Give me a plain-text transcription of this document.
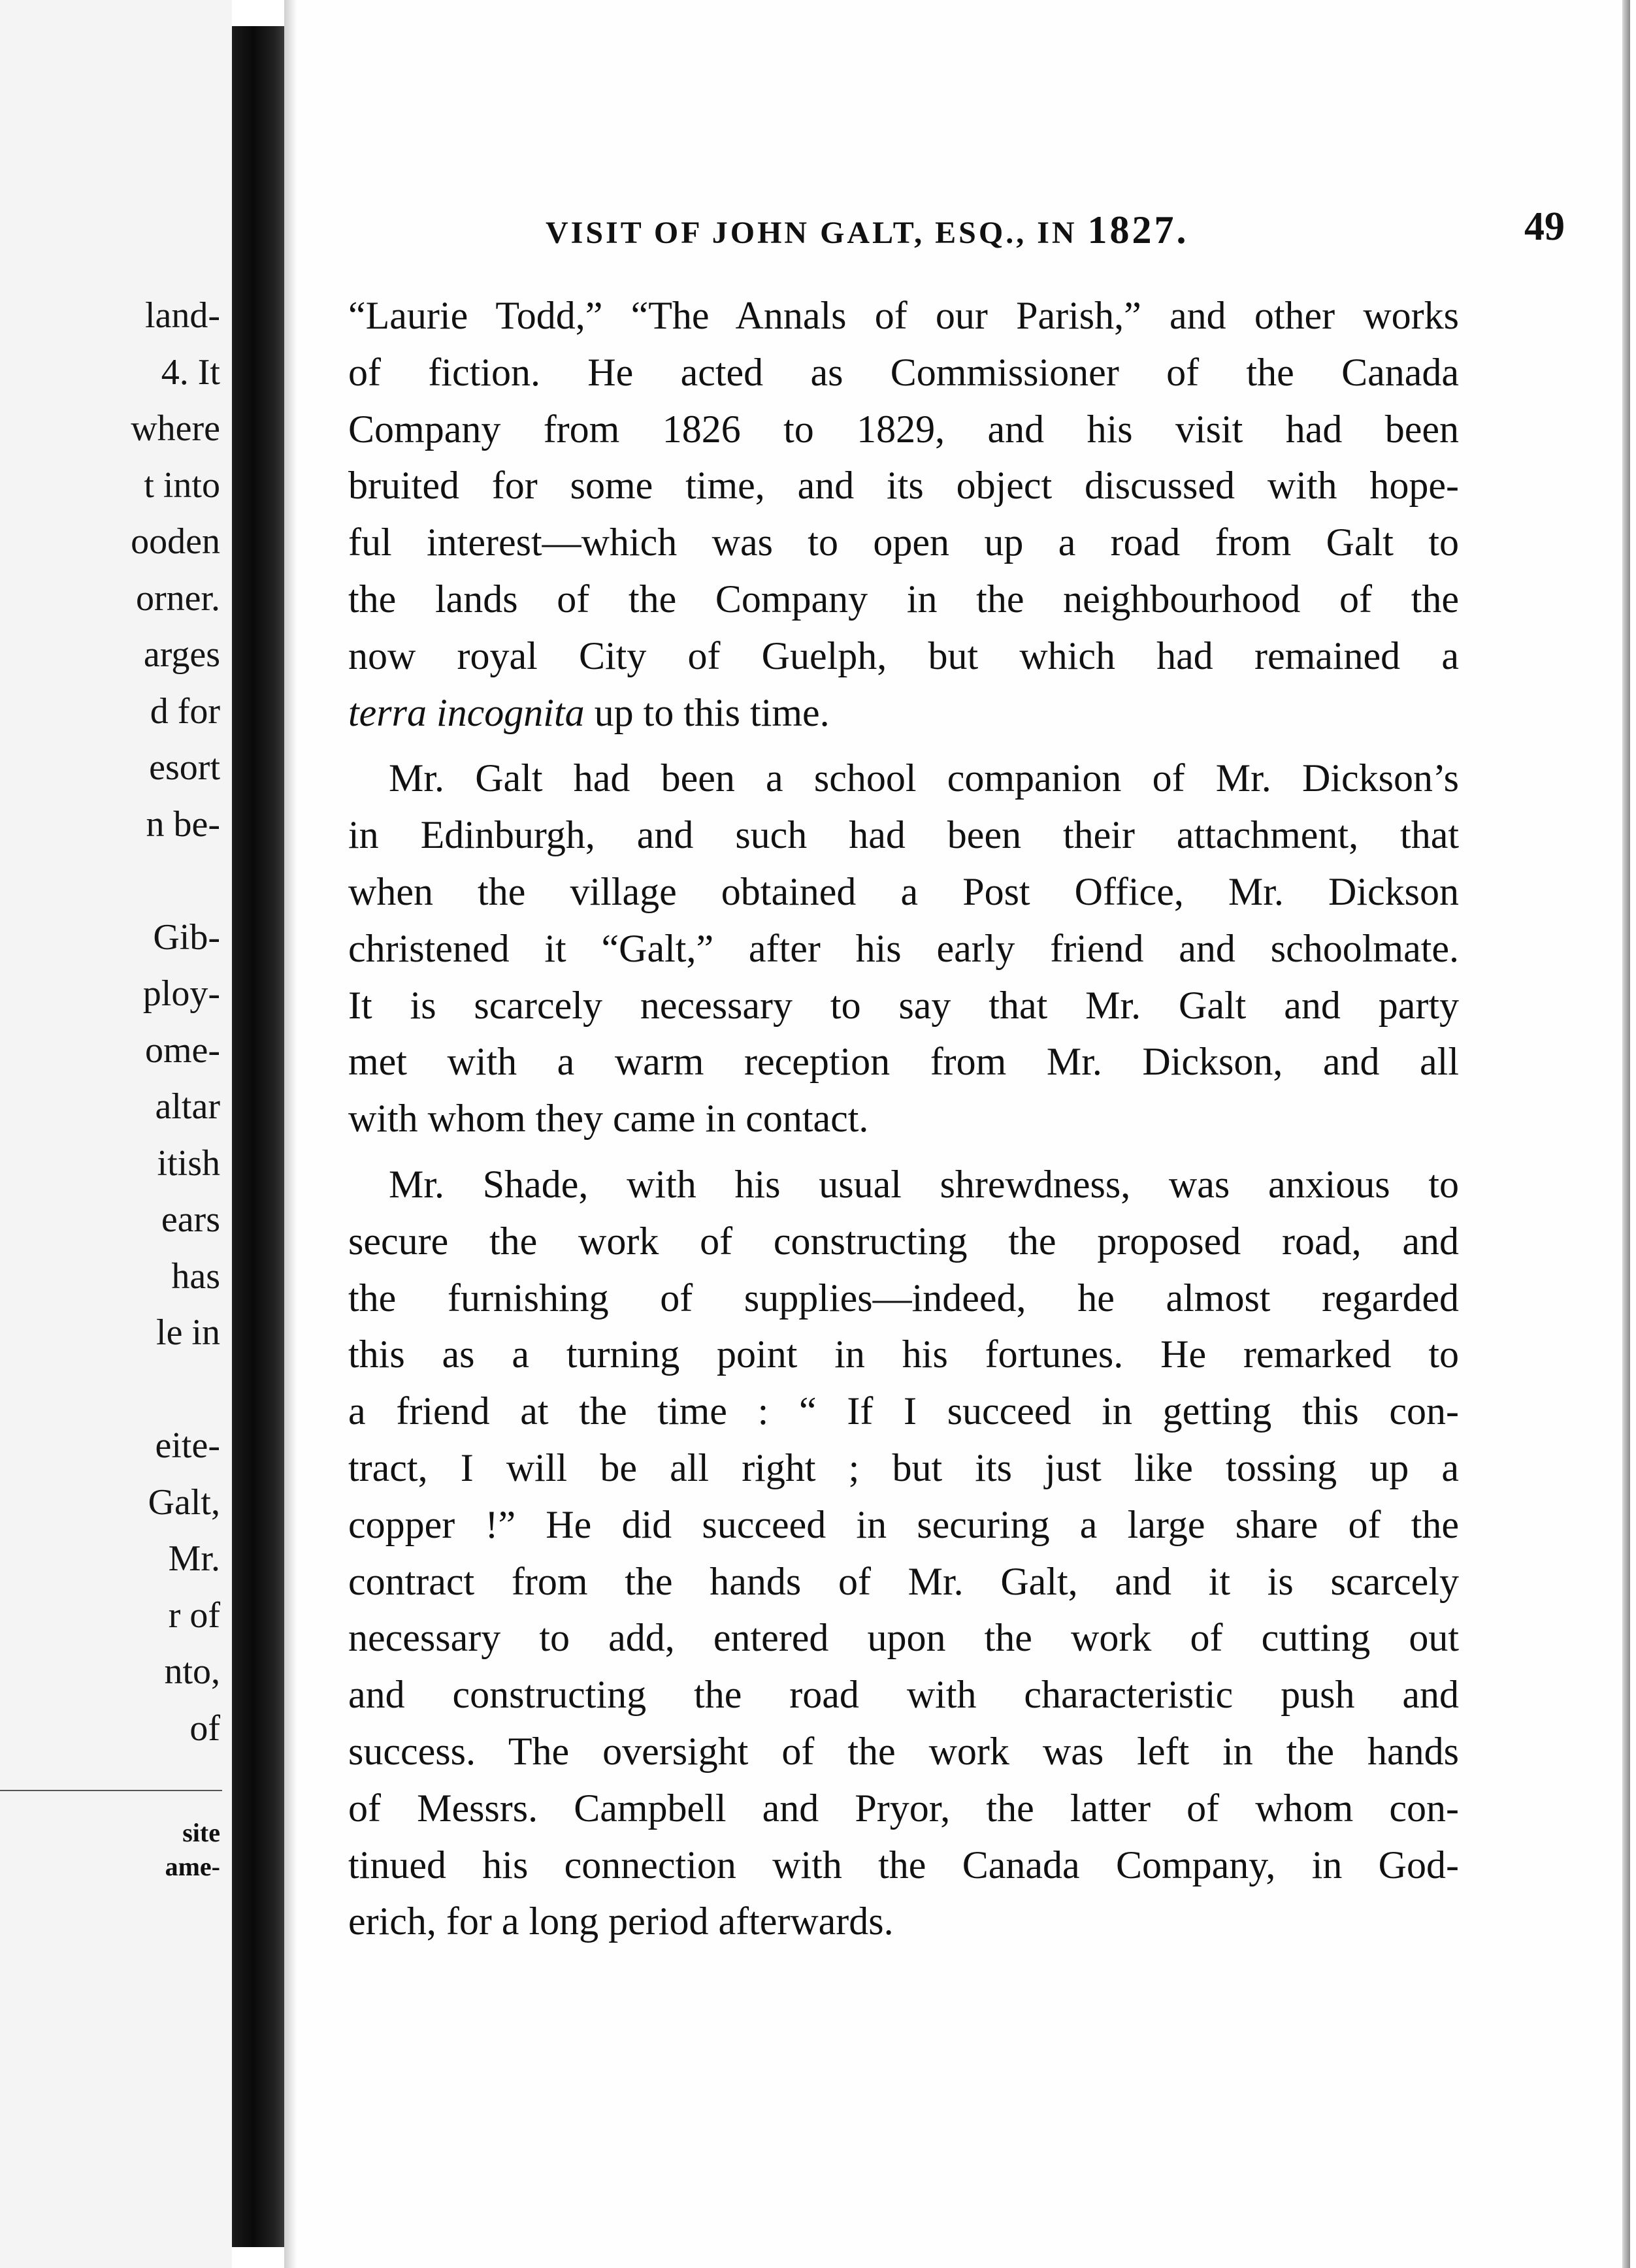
land-
4. It
where
t into
ooden
orner.
arges
d for
esort
n be-
Gib-
ploy-
ome-
altar
itish
ears
has
le in
eite-
Galt,
Mr.
r of
nto,
of
site
ame-
VISIT OF JOHN GALT, ESQ., IN 1827.	49
“Laurie Todd,” “The Annals of our Parish,” and other works
of fiction. He acted as Commissioner of the Canada
Company from 1826 to 1829, and his visit had been
bruited for some time, and its object discussed with hope-
ful interest—which was to open up a road from Galt to
the lands of the Company in the neighbourhood of the
now royal City of Guelph, but which had remained a
terra incognita up to this time.
Mr. Galt had been a school companion of Mr. Dickson’s
in Edinburgh, and such had been their attachment, that
when the village obtained a Post Office, Mr. Dickson
christened it “Galt,” after his early friend and schoolmate.
It is scarcely necessary to say that Mr. Galt and party
met with a warm reception from Mr. Dickson, and all
with whom they came in contact.
Mr. Shade, with his usual shrewdness, was anxious to
secure the work of constructing the proposed road, and
the furnishing of supplies—indeed, he almost regarded
this as a turning point in his fortunes. He remarked to
a friend at the time : “ If I succeed in getting this con-
tract, I will be all right ; but its just like tossing up a
copper !” He did succeed in securing a large share of the
contract from the hands of Mr. Galt, and it is scarcely
necessary to add, entered upon the work of cutting out
and constructing the road with characteristic push and
success. The oversight of the work was left in the hands
of Messrs. Campbell and Pryor, the latter of whom con-
tinued his connection with the Canada Company, in God-
erich, for a long period afterwards.
